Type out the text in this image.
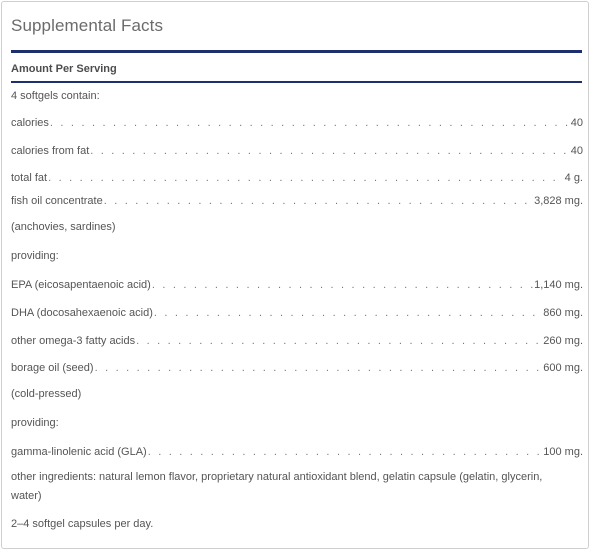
Supplemental Facts
Amount Per Serving
4 softgels contain:
calories . . .	40
calories from fat . . .	40
total fat . . .	4 g.
fish oil concentrate . . .	3,828 mg.
(anchovies, sardines)
providing:
EPA (eicosapentaenoic acid) . . .	1,140 mg.
DHA (docosahexaenoic acid) . . .	860 mg.
other omega-3 fatty acids . . .	260 mg.
borage oil (seed) . . .	600 mg.
(cold-pressed)
providing:
gamma-linolenic acid (GLA) . . .	100 mg.
other ingredients: natural lemon flavor, proprietary natural antioxidant blend, gelatin capsule (gelatin, glycerin, water)
2–4 softgel capsules per day.
